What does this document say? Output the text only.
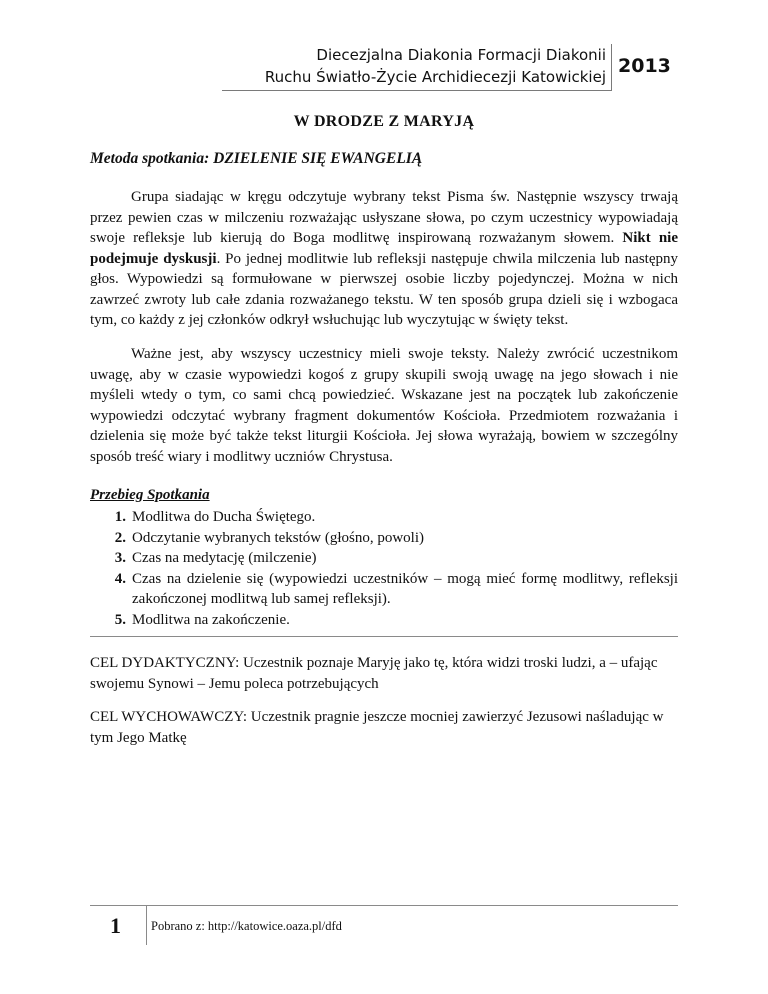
Diecezjalna Diakonia Formacji Diakonii
Ruchu Światło-Życie Archidiecezji Katowickiej 2013
W DRODZE Z MARYJĄ
Metoda spotkania: DZIELENIE SIĘ EWANGELIĄ

Grupa siadając w kręgu odczytuje wybrany tekst Pisma św. Następnie wszyscy trwają przez pewien czas w milczeniu rozważając usłyszane słowa, po czym uczestnicy wypowiadają swoje refleksje lub kierują do Boga modlitwę inspirowaną rozważanym słowem. Nikt nie podejmuje dyskusji. Po jednej modlitwie lub refleksji następuje chwila milczenia lub następny głos. Wypowiedzi są formułowane w pierwszej osobie liczby pojedynczej. Można w nich zawrzeć zwroty lub całe zdania rozważanego tekstu. W ten sposób grupa dzieli się i wzbogaca tym, co każdy z jej członków odkrył wsłuchując lub wyczytując w święty tekst.

Ważne jest, aby wszyscy uczestnicy mieli swoje teksty. Należy zwrócić uczestnikom uwagę, aby w czasie wypowiedzi kogoś z grupy skupili swoją uwagę na jego słowach i nie myśleli wtedy o tym, co sami chcą powiedzieć. Wskazane jest na początek lub zakończenie wypowiedzi odczytać wybrany fragment dokumentów Kościoła. Przedmiotem rozważania i dzielenia się może być także tekst liturgii Kościoła. Jej słowa wyrażają, bowiem w szczególny sposób treść wiary i modlitwy uczniów Chrystusa.

Przebieg Spotkania
1. Modlitwa do Ducha Świętego.
2. Odczytanie wybranych tekstów (głośno, powoli)
3. Czas na medytację (milczenie)
4. Czas na dzielenie się (wypowiedzi uczestników – mogą mieć formę modlitwy, refleksji zakończonej modlitwą lub samej refleksji).
5. Modlitwa na zakończenie.
CEL DYDAKTYCZNY: Uczestnik poznaje Maryję jako tę, która widzi troski ludzi, a – ufając swojemu Synowi – Jemu poleca potrzebujących
CEL WYCHOWAWCZY: Uczestnik pragnie jeszcze mocniej zawierzyć Jezusowi naśladując w tym Jego Matkę
1 Pobrano z: http://katowice.oaza.pl/dfd
